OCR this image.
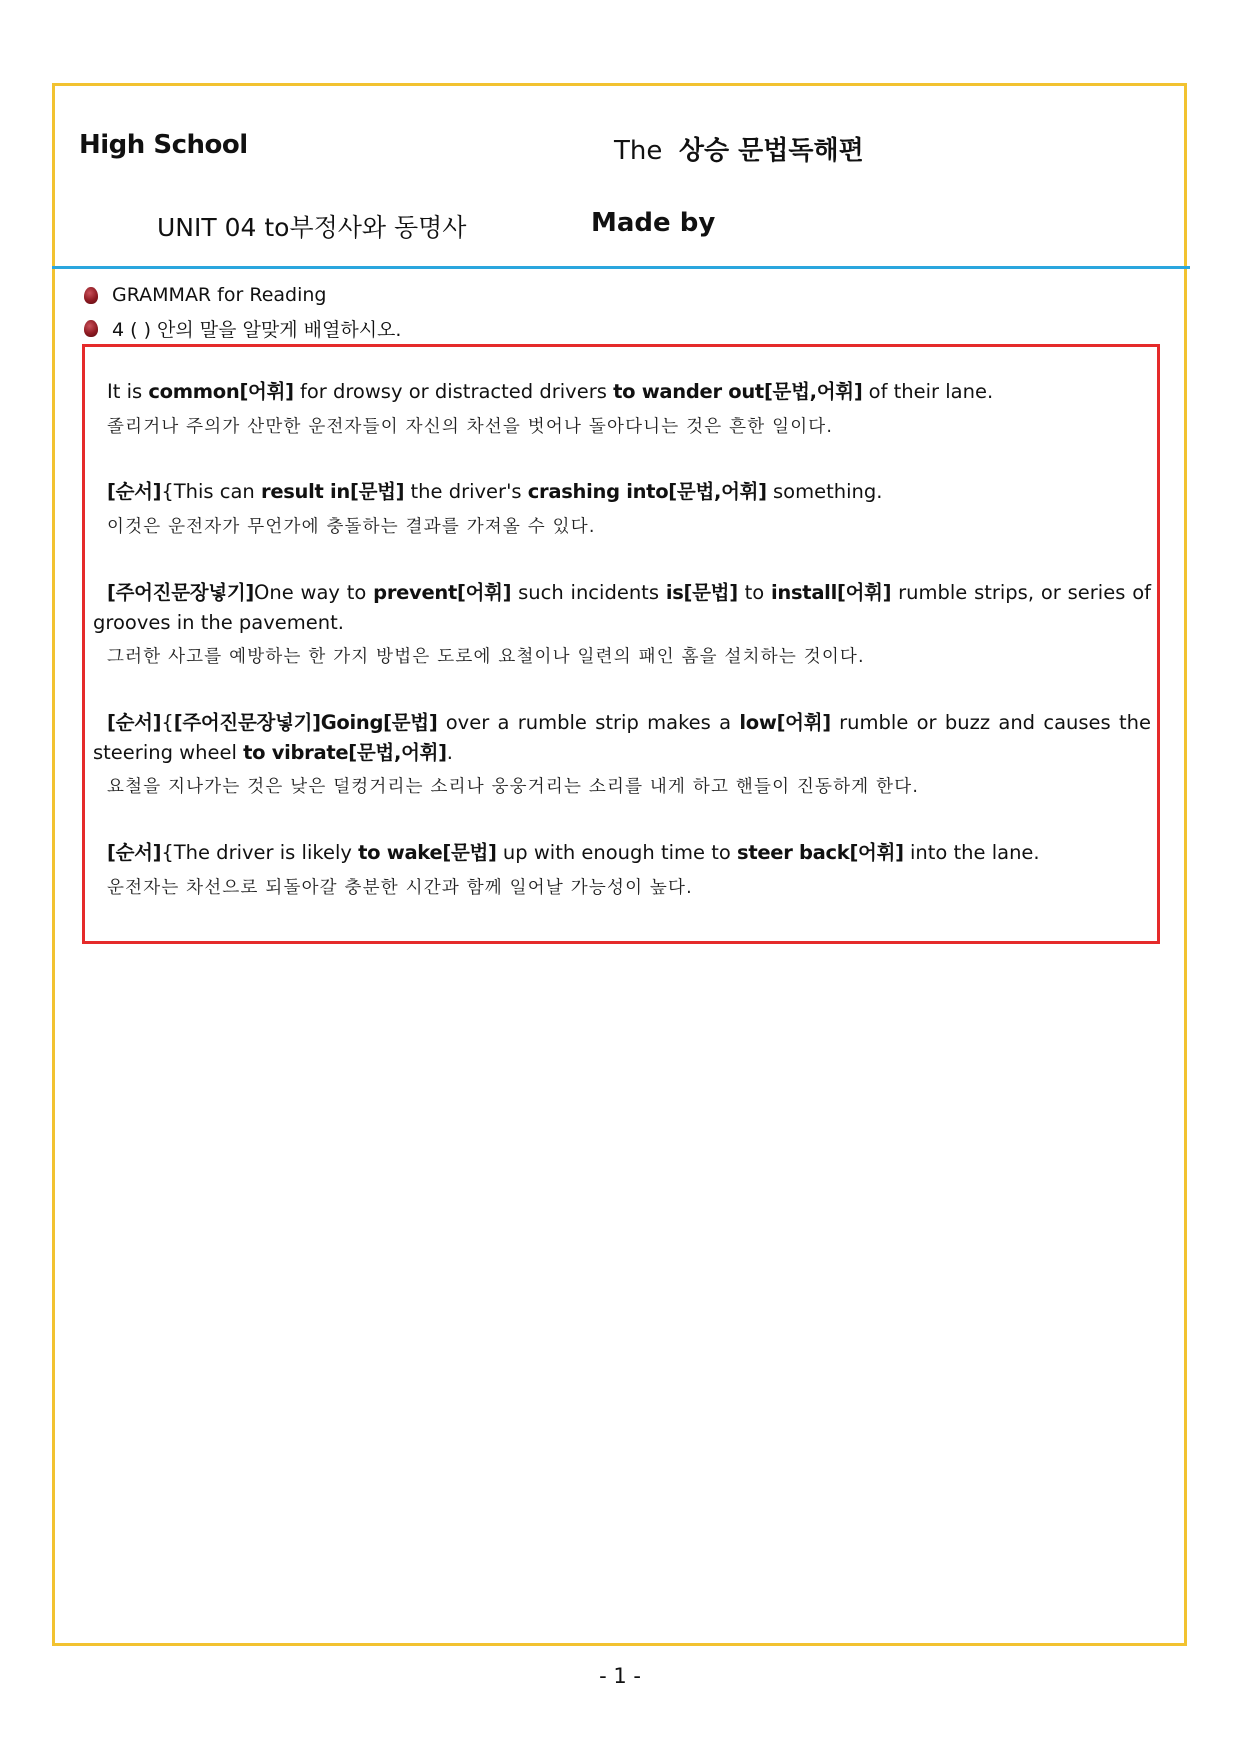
High School	The 상승 문법독해편
UNIT 04 to부정사와 동명사	Made by
GRAMMAR for Reading
4 ( ) 안의 말을 알맞게 배열하시오.
It is common[어휘] for drowsy or distracted drivers to wander out[문법,어휘] of their lane.
졸리거나 주의가 산만한 운전자들이 자신의 차선을 벗어나 돌아다니는 것은 흔한 일이다.
[순서]{This can result in[문법] the driver's crashing into[문법,어휘] something.
이것은 운전자가 무언가에 충돌하는 결과를 가져올 수 있다.
[주어진문장넣기]One way to prevent[어휘] such incidents is[문법] to install[어휘] rumble strips, or series of grooves in the pavement.
그러한 사고를 예방하는 한 가지 방법은 도로에 요철이나 일련의 패인 홈을 설치하는 것이다.
[순서]{[주어진문장넣기]Going[문법] over a rumble strip makes a low[어휘] rumble or buzz and causes the steering wheel to vibrate[문법,어휘].
요철을 지나가는 것은 낮은 덜컹거리는 소리나 웅웅거리는 소리를 내게 하고 핸들이 진동하게 한다.
[순서]{The driver is likely to wake[문법] up with enough time to steer back[어휘] into the lane.
운전자는 차선으로 되돌아갈 충분한 시간과 함께 일어날 가능성이 높다.
- 1 -
